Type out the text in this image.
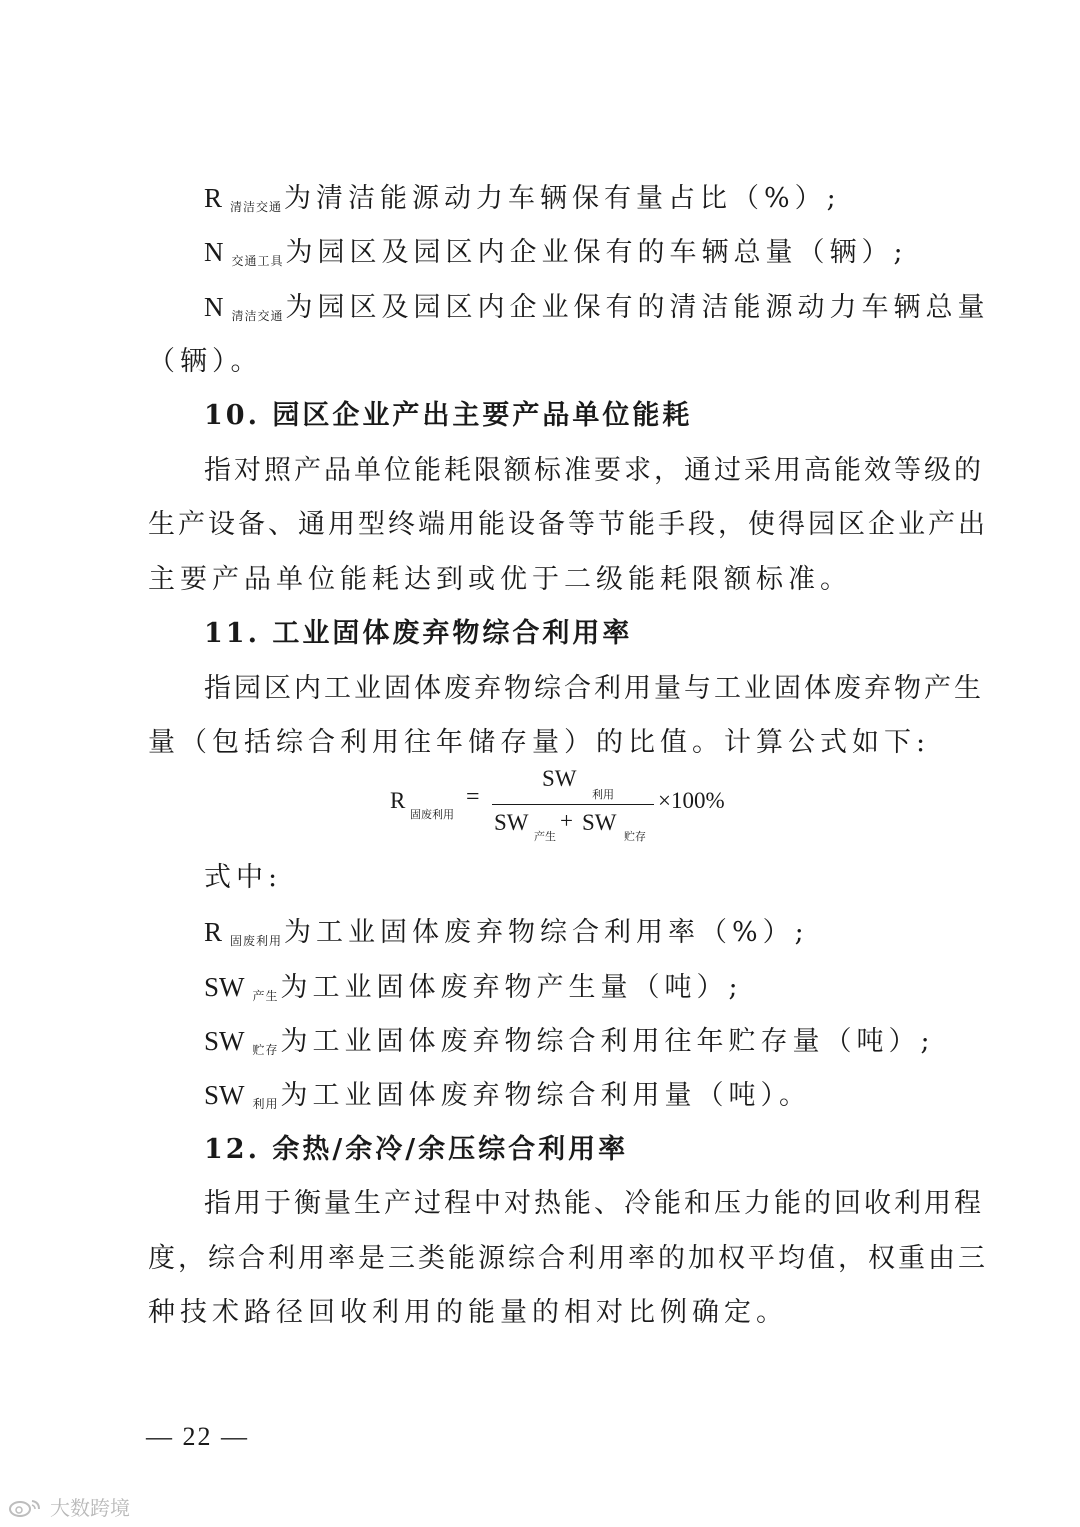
R $_{清洁交通}$为清洁能源动力车辆保有量占比（%）;
N $_{交通工具}$为园区及园区内企业保有的车辆总量（辆）;
N $_{清洁交通}$为园区及园区内企业保有的清洁能源动力车辆总量
（辆）。
10. 园区企业产出主要产品单位能耗
指对照产品单位能耗限额标准要求，通过采用高能效等级的
生产设备、通用型终端用能设备等节能手段，使得园区企业产出
主要产品单位能耗达到或优于二级能耗限额标准。
11. 工业固体废弃物综合利用率
指园区内工业固体废弃物综合利用量与工业固体废弃物产生
量（包括综合利用往年储存量）的比值。计算公式如下:
R
固废利用
=
SW
利用
SW
产生
+ SW
贮存
×100%
式中:
R $_{固废利用}$为工业固体废弃物综合利用率（%）;
SW $_{产生}$为工业固体废弃物产生量（吨）;
SW $_{贮存}$为工业固体废弃物综合利用往年贮存量（吨）;
SW $_{利用}$为工业固体废弃物综合利用量（吨）。
12. 余热/余冷/余压综合利用率
指用于衡量生产过程中对热能、冷能和压力能的回收利用程
度，综合利用率是三类能源综合利用率的加权平均值，权重由三
种技术路径回收利用的能量的相对比例确定。
— 22 —
大数跨境
